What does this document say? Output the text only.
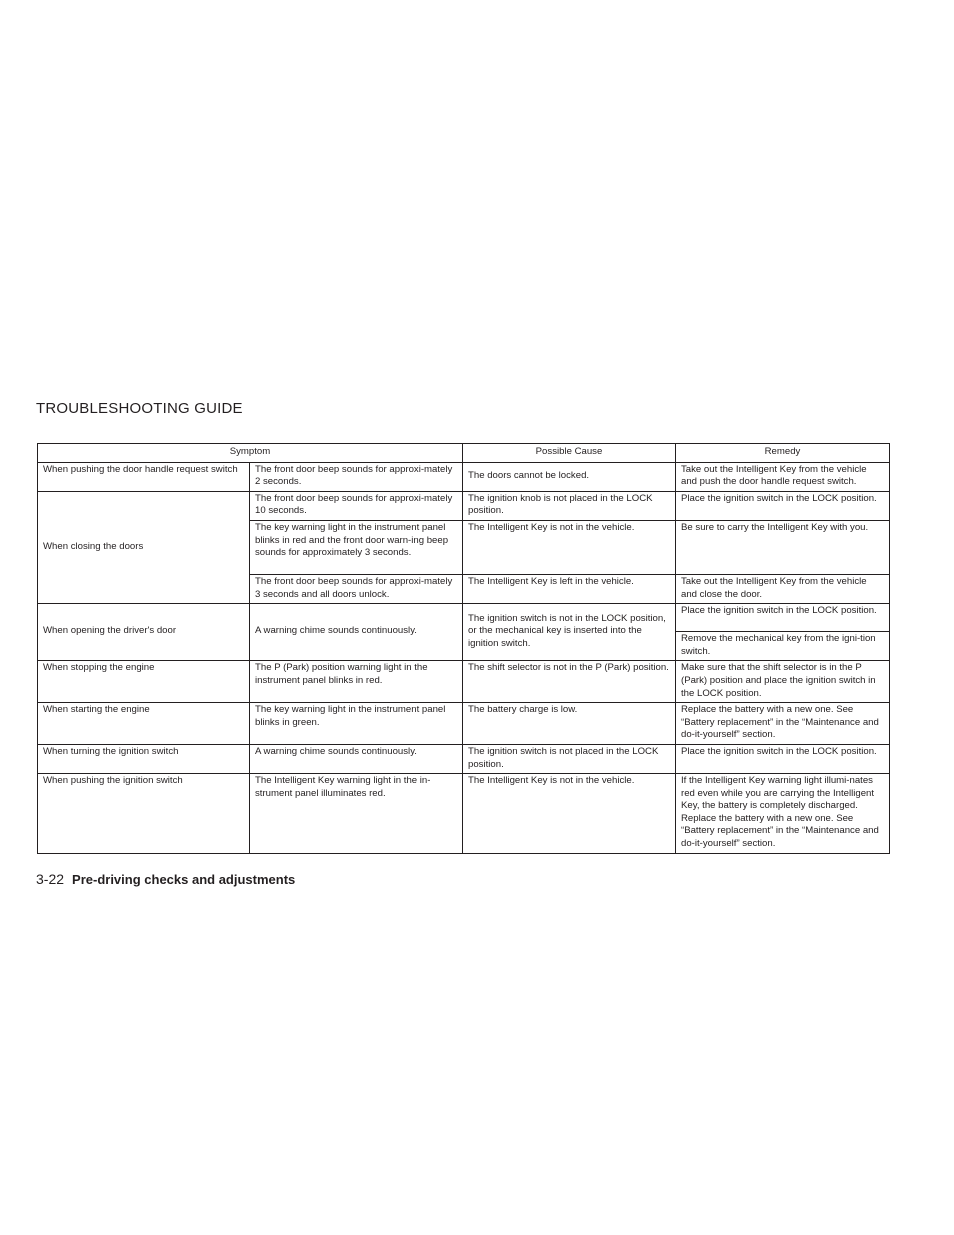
TROUBLESHOOTING GUIDE
Symptom		Possible Cause	Remedy
When pushing the door handle request switch	The front door beep sounds for approxi-mately 2 seconds.	The doors cannot be locked.	Take out the Intelligent Key from the vehicle and push the door handle request switch.
When closing the doors	The front door beep sounds for approxi-mately 10 seconds.	The ignition knob is not placed in the LOCK position.	Place the ignition switch in the LOCK position.
	The key warning light in the instrument panel blinks in red and the front door warn-ing beep sounds for approximately 3 seconds.	The Intelligent Key is not in the vehicle.	Be sure to carry the Intelligent Key with you.
	The front door beep sounds for approxi-mately 3 seconds and all doors unlock.	The Intelligent Key is left in the vehicle.	Take out the Intelligent Key from the vehicle and close the door.
When opening the driver's door	A warning chime sounds continuously.	The ignition switch is not in the LOCK position, or the mechanical key is inserted into the ignition switch.	Place the ignition switch in the LOCK position.
			Remove the mechanical key from the igni-tion switch.
When stopping the engine	The P (Park) position warning light in the instrument panel blinks in red.	The shift selector is not in the P (Park) position.	Make sure that the shift selector is in the P (Park) position and place the ignition switch in the LOCK position.
When starting the engine	The key warning light in the instrument panel blinks in green.	The battery charge is low.	Replace the battery with a new one. See “Battery replacement” in the “Maintenance and do-it-yourself” section.
When turning the ignition switch	A warning chime sounds continuously.	The ignition switch is not placed in the LOCK position.	Place the ignition switch in the LOCK position.
When pushing the ignition switch	The Intelligent Key warning light in the in-strument panel illuminates red.	The Intelligent Key is not in the vehicle.	If the Intelligent Key warning light illumi-nates red even while you are carrying the Intelligent Key, the battery is completely discharged. Replace the battery with a new one. See “Battery replacement” in the “Maintenance and do-it-yourself” section.
3-22 Pre-driving checks and adjustments
